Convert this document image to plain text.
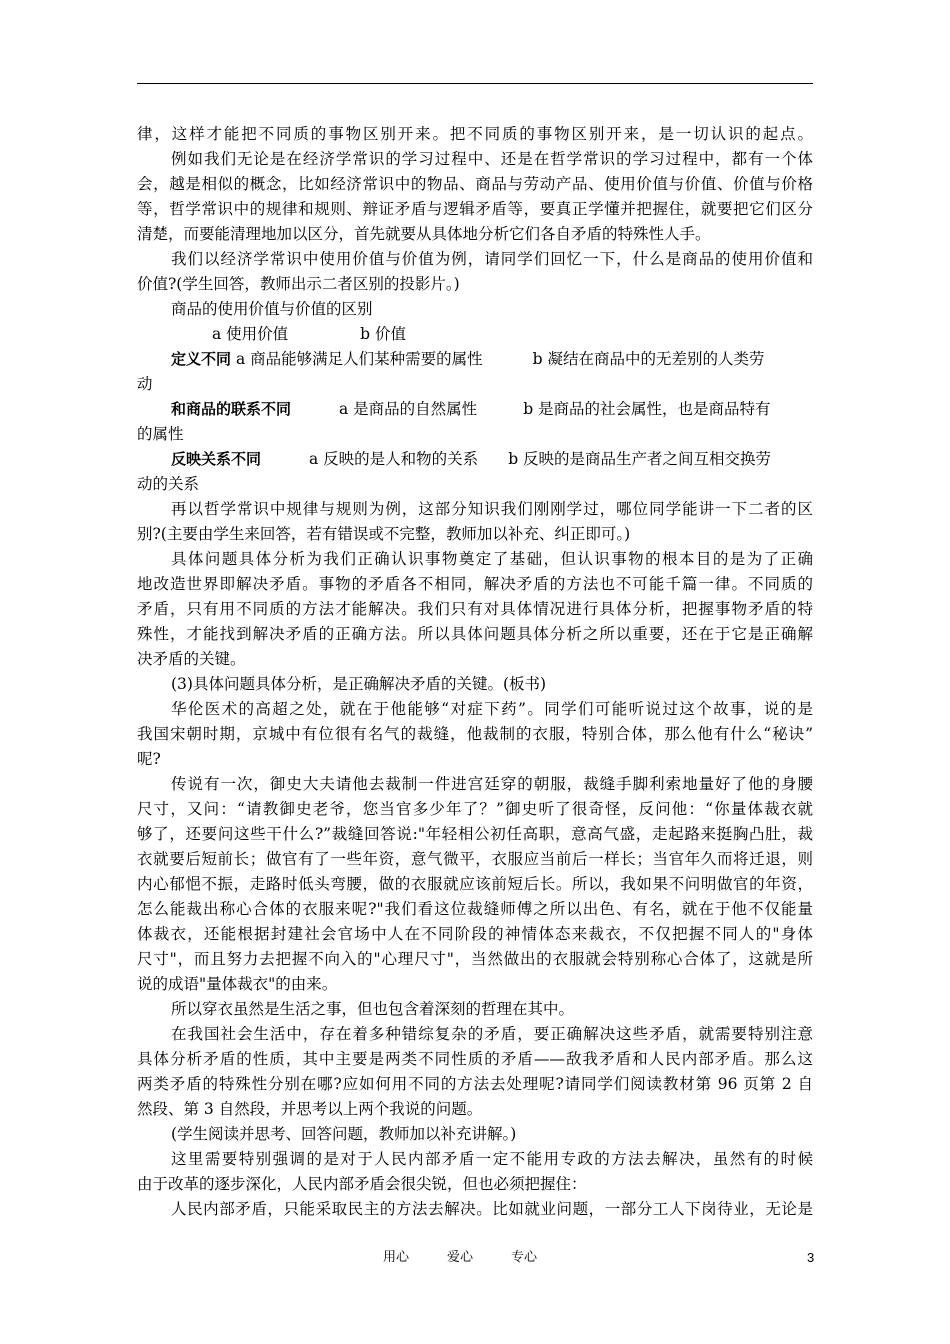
律，这样才能把不同质的事物区别开来。把不同质的事物区别开来，是一切认识的起点。
例如我们无论是在经济学常识的学习过程中、还是在哲学常识的学习过程中，都有一个体
会，越是相似的概念，比如经济常识中的物品、商品与劳动产品、使用价值与价值、价值与价格
等，哲学常识中的规律和规则、辩证矛盾与逻辑矛盾等，要真正学懂并把握住，就要把它们区分
清楚，而要能清理地加以区分，首先就要从具体地分析它们各自矛盾的特殊性人手。
我们以经济学常识中使用价值与价值为例，请同学们回忆一下，什么是商品的使用价值和
价值?(学生回答，教师出示二者区别的投影片。)
商品的使用价值与价值的区别
a 使用价值	b 价值
定义不同 a 商品能够满足人们某种需要的属性	b 凝结在商品中的无差别的人类劳
动
和商品的联系不同	a 是商品的自然属性	b 是商品的社会属性，也是商品特有
的属性
反映关系不同	a 反映的是人和物的关系 b 反映的是商品生产者之间互相交换劳
动的关系
再以哲学常识中规律与规则为例，这部分知识我们刚刚学过，哪位同学能讲一下二者的区
别?(主要由学生来回答，若有错误或不完整，教师加以补充、纠正即可。)
具体问题具体分析为我们正确认识事物奠定了基础，但认识事物的根本目的是为了正确
地改造世界即解决矛盾。事物的矛盾各不相同，解决矛盾的方法也不可能千篇一律。不同质的
矛盾，只有用不同质的方法才能解决。我们只有对具体情况进行具体分析，把握事物矛盾的特
殊性，才能找到解决矛盾的正确方法。所以具体问题具体分析之所以重要，还在于它是正确解
决矛盾的关键。
(3)具体问题具体分析，是正确解决矛盾的关键。(板书)
华伦医术的高超之处，就在于他能够“对症下药”。同学们可能听说过这个故事，说的是
我国宋朝时期，京城中有位很有名气的裁缝，他裁制的衣服，特别合体，那么他有什么“秘诀”
呢?
传说有一次，御史大夫请他去裁制一件进宫廷穿的朝服，裁缝手脚利索地量好了他的身腰
尺寸，又问：“请教御史老爷，您当官多少年了？”御史听了很奇怪，反问他：“你量体裁衣就
够了，还要问这些干什么?”裁缝回答说:"年轻相公初任高职，意高气盛，走起路来挺胸凸肚，裁
衣就要后短前长；做官有了一些年资，意气微平，衣服应当前后一样长；当官年久而将迁退，则
内心郁悒不振，走路时低头弯腰，做的衣服就应该前短后长。所以，我如果不问明做官的年资，
怎么能裁出称心合体的衣服来呢?"我们看这位裁缝师傅之所以出色、有名，就在于他不仅能量
体裁衣，还能根据封建社会官场中人在不同阶段的神情体态来裁衣，不仅把握不同人的"身体
尺寸"，而且努力去把握不向入的"心理尺寸"，当然做出的衣服就会特别称心合体了，这就是所
说的成语"量体裁衣"的由来。
所以穿衣虽然是生活之事，但也包含着深刻的哲理在其中。
在我国社会生活中，存在着多种错综复杂的矛盾，要正确解决这些矛盾，就需要特别注意
具体分析矛盾的性质，其中主要是两类不同性质的矛盾——敌我矛盾和人民内部矛盾。那么这
两类矛盾的特殊性分别在哪?应如何用不同的方法去处理呢?请同学们阅读教材第 96 页第 2 自
然段、第 3 自然段，并思考以上两个我说的问题。
(学生阅读并思考、回答问题，教师加以补充讲解。)
这里需要特别强调的是对于人民内部矛盾一定不能用专政的方法去解决，虽然有的时候
由于改革的逐步深化，人民内部矛盾会很尖锐，但也必须把握住：
人民内部矛盾，只能采取民主的方法去解决。比如就业问题，一部分工人下岗待业，无论是
用心	爱心	专心	3
